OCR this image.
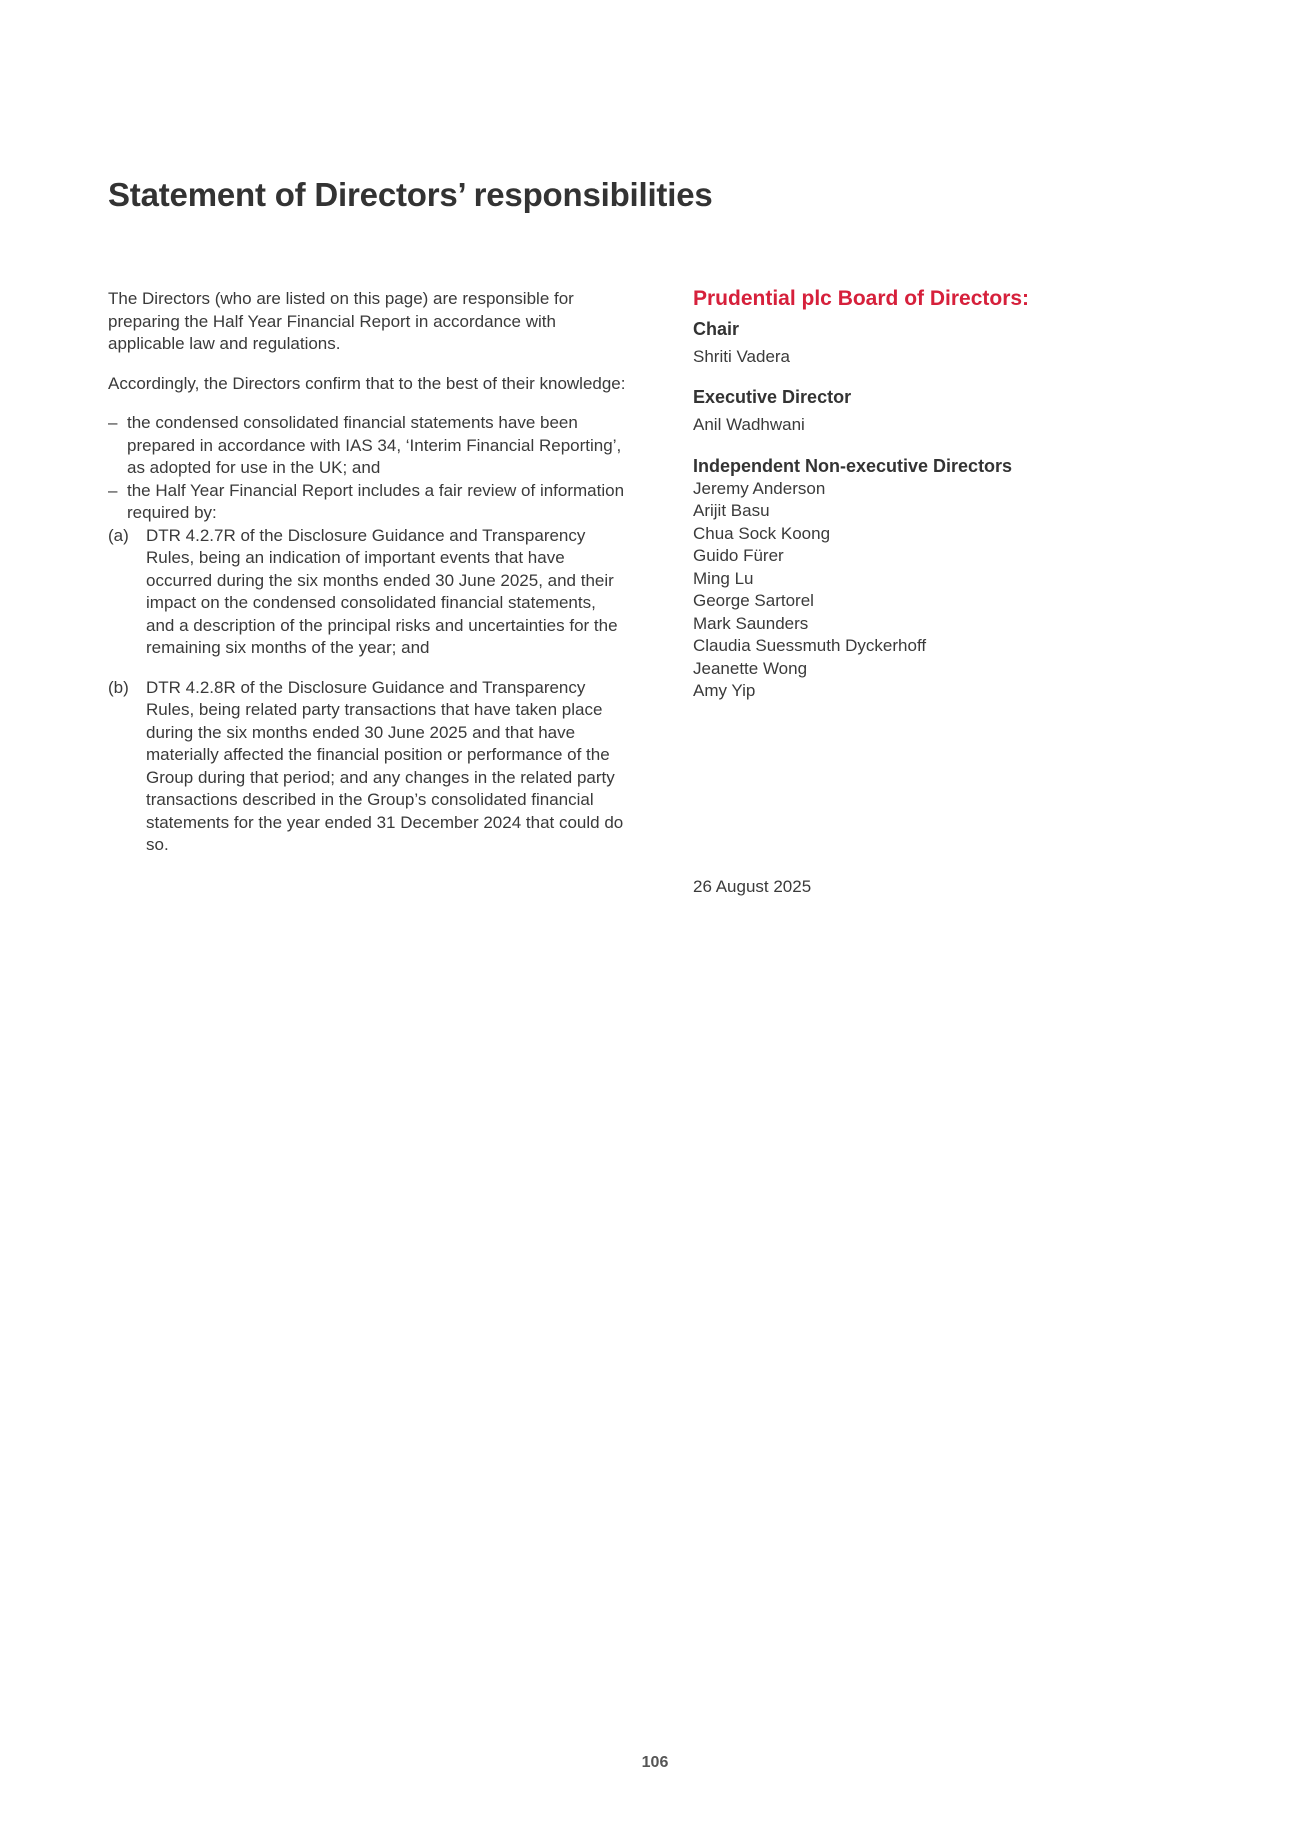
Statement of Directors’ responsibilities

The Directors (who are listed on this page) are responsible for preparing the Half Year Financial Report in accordance with applicable law and regulations.

Accordingly, the Directors confirm that to the best of their knowledge:

– the condensed consolidated financial statements have been prepared in accordance with IAS 34, ‘Interim Financial Reporting’, as adopted for use in the UK; and
– the Half Year Financial Report includes a fair review of information required by:
(a) DTR 4.2.7R of the Disclosure Guidance and Transparency Rules, being an indication of important events that have occurred during the six months ended 30 June 2025, and their impact on the condensed consolidated financial statements, and a description of the principal risks and uncertainties for the remaining six months of the year; and
(b) DTR 4.2.8R of the Disclosure Guidance and Transparency Rules, being related party transactions that have taken place during the six months ended 30 June 2025 and that have materially affected the financial position or performance of the Group during that period; and any changes in the related party transactions described in the Group’s consolidated financial statements for the year ended 31 December 2024 that could do so.
Prudential plc Board of Directors:
Chair
Shriti Vadera
Executive Director
Anil Wadhwani
Independent Non-executive Directors
Jeremy Anderson
Arijit Basu
Chua Sock Koong
Guido Fürer
Ming Lu
George Sartorel
Mark Saunders
Claudia Suessmuth Dyckerhoff
Jeanette Wong
Amy Yip
26 August 2025
106
